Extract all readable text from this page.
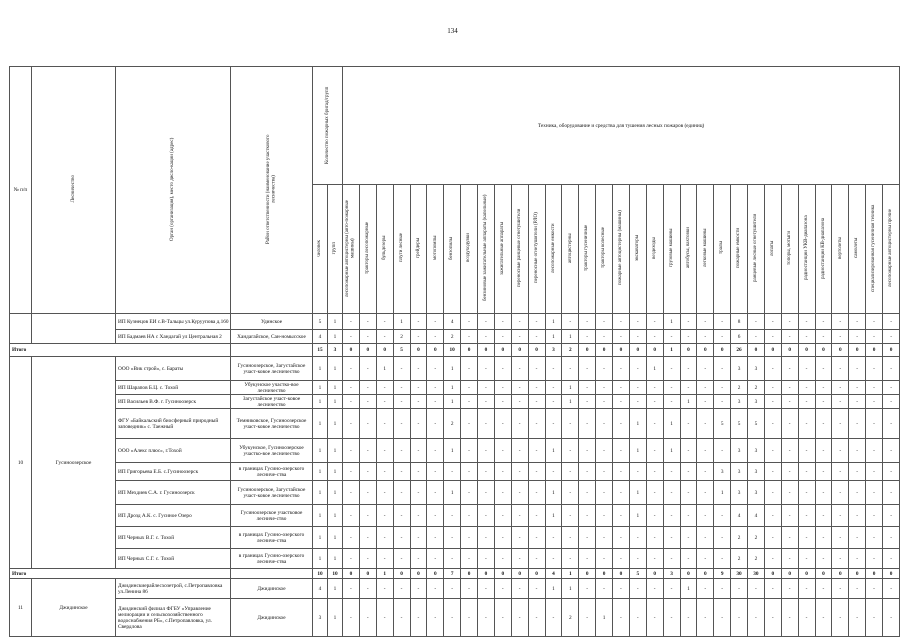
134
№ п/п	Лесничество	Орган (организация), место дисло-кации (адрес)	Район ответственности (наименование участкового лесничества)	Количество пожарных бригад/групп		Техника, оборудование и средства для тушения лесных пожаров (единиц)																																
						лесопожарные автоцистерны (авто-пожарные машины)	тракторы лесопожарные	бульдозеры	плуги лесные	грейдеры	мотопомпы	бензопилы	воздуходувки	бензиновые зажигательные аппараты (капельные)	зажигательные аппараты	переносные ранцевые огнетушители	переносные огнетушители (РЛО)	лесопожарные емкости	автоцистерны	тракторы гусеничные	тракторы колесные	пожарные автоцистерны (машины)	экскаваторы	вездеходы	грузовые машины	автобусы, вахтовки	легковые машины	тралы	пожарные емкости	ранцевые лесные огнетушители	лопаты	топоры, мотыги	радиостанции УКВ-диапазона	радиостанции КВ-диапазона	вертолеты	самолеты	специализированная гусеничная техника	лесопожарные автоцистерны прочие
				человек	групп																																	
		ИП Кузнецов ЕИ с.В-Тальцы ул.Куруупова д.160	Удинское	5	1	-	-	-	1	-	-	4	-	-	-	-	-	1	-	-	-	-	-	-	1	-	-	-	8	-	-	-	-	-	-	-	-	-
		ИП Бадмаев НА с Хандагай ул Центральная 2	Хандагайское, Сан-номысское	4	1	-	-	-	2	-	-	2	-	-	-	-	-	1	1	-	-	-	-	-	-	-	-	-	6	-	-	-	-	-	-	-	-	-
Итого				15	3	0	0	0	5	0	0	10	0	0	0	0	0	3	2	0	0	0	0	0	1	0	0	0	26	0	0	0	0	0	0	0	0	0
10	Гусиноозерское	ООО «Вик строй», с. Бараты	Гусиноозерское, Загустайское участ-ковое лесничество	1	1	-	-	1	-	-	-	1	-	-	-	-	-	-	-	-	-	-	-	1	-	-	-	-	3	3	-	-	-	-	-	-	-	-
		ИП Шарапов Б.Ц. с. Тохой	Убукунское участко-вое лесничество	1	1	-	-	-	-	-	-	1	-	-	-	-	-	-	1	-	-	-	-	-	-	-	-	-	2	2	-	-	-	-	-	-	-	-
		ИП Васильев В.Ф. г. Гусиноозерск	Загустайское участ-ковое лесничество	1	1	-	-	-	-	-	-	1	-	-	-	-	-	-	1	-	-	-	-	-	-	1	-	-	3	3	-	-	-	-	-	-	-	-
		ФГУ «Байкальский биосферный природный заповедник» с. Таежный	Темниковское, Гусиноозерское участ-ковое лесничество	1	1	-	-	-	-	-	-	2	-	-	-	-	-	-	-	-	-	-	1	-	1	-	-	5	5	5	-	-	-	-	-	-	-	-
		ООО «Алекс плюс», г.Тохой	Убукунское, Гусиноозерское участко-вое лесничество	1	1	-	-	-	-	-	-	1	-	-	-	-	-	1	-	-	-	-	1	-	1	-	-	-	3	3	-	-	-	-	-	-	-	-
		ИП Григорьева Е.Б. с.Гусиноозерск	в границах Гусино-озерского лесниче-ства	1	1	-	-	-	-	-	-	-	-	-	-	-	-	-	-	-	-	-	-	-	-	-	-	3	3	3	-	-	-	-	-	-	-	-
		ИП Мехдиев С.А. г. Гусиноозерск	Гусиноозерское, Загустайское участ-ковое лесничество	1	1	-	-	-	-	-	-	1	-	-	-	-	-	1	-	-	-	-	1	-	-	-	-	1	3	3	-	-	-	-	-	-	-	-
		ИП Дрозд А.К. с. Гусиное Озеро	Гусиноозерское участковое лесниче-ство	1	1	-	-	-	-	-	-	-	-	-	-	-	-	1	-	-	-	-	1	-	-	-	-	-	4	4	-	-	-	-	-	-	-	-
		ИП Черных В.Г. с. Тохой	в границах Гусино-озерского лесниче-ства	1	1	-	-	-	-	-	-	-	-	-	-	-	-	-	-	-	-	-	-	-	-	-	-	-	2	2	-	-	-	-	-	-	-	-
		ИП Черных С.Г. с. Тохой	в границах Гусино-озерского лесниче-ства	1	1	-	-	-	-	-	-	-	-	-	-	-	-	-	-	-	-	-	-	-	-	-	-	-	2	2	-	-	-	-	-	-	-	-
Итого				10	10	0	0	1	0	0	0	7	0	0	0	0	0	4	1	0	0	0	5	0	3	0	0	9	30	30	0	0	0	0	0	0	0	0
11	Джидинское	Джидинскиерайлесхозетрой, с.Петропавловка ул.Ленина 86	Джидинское	4	1	-	-	-	-	-	-	-	-	-	-	-	-	1	1	-	-	-	-	-	-	1	-	-	-	-	-	-	-	-	-	-	-	-
		Джидинский филиал ФГБУ «Управление мелиорации и сельскохозяйственного водоснабжения РБ», с.Петропавловка, ул. Свердлова	Джидинское	3	1	-	-	-	-	-	-	-	-	-	-	-	-	-	2	-	1	-	-	-	-	-	-	-	-	-	-	-	-	-	-	-	-	-
